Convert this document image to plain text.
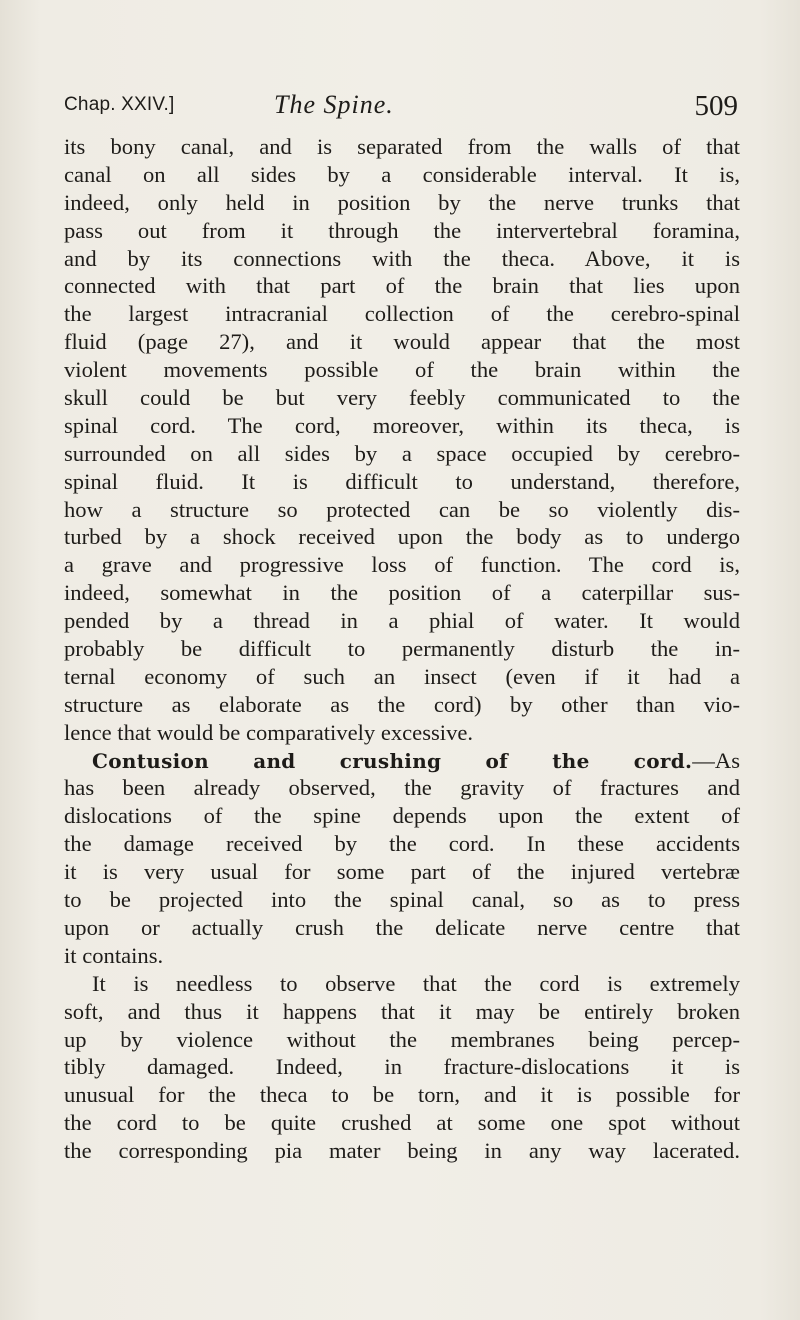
Chap. XXIV.]	The Spine.	509
its bony canal, and is separated from the walls of that
canal on all sides by a considerable interval. It is,
indeed, only held in position by the nerve trunks that
pass out from it through the intervertebral foramina,
and by its connections with the theca. Above, it is
connected with that part of the brain that lies upon
the largest intracranial collection of the cerebro-spinal
fluid (page 27), and it would appear that the most
violent movements possible of the brain within the
skull could be but very feebly communicated to the
spinal cord. The cord, moreover, within its theca, is
surrounded on all sides by a space occupied by cerebro-
spinal fluid. It is difficult to understand, therefore,
how a structure so protected can be so violently dis-
turbed by a shock received upon the body as to undergo
a grave and progressive loss of function. The cord is,
indeed, somewhat in the position of a caterpillar sus-
pended by a thread in a phial of water. It would
probably be difficult to permanently disturb the in-
ternal economy of such an insect (even if it had a
structure as elaborate as the cord) by other than vio-
lence that would be comparatively excessive.
Contusion and crushing of the cord.—As
has been already observed, the gravity of fractures and
dislocations of the spine depends upon the extent of
the damage received by the cord. In these accidents
it is very usual for some part of the injured vertebræ
to be projected into the spinal canal, so as to press
upon or actually crush the delicate nerve centre that
it contains.
It is needless to observe that the cord is extremely
soft, and thus it happens that it may be entirely broken
up by violence without the membranes being percep-
tibly damaged. Indeed, in fracture-dislocations it is
unusual for the theca to be torn, and it is possible for
the cord to be quite crushed at some one spot without
the corresponding pia mater being in any way lacerated.
